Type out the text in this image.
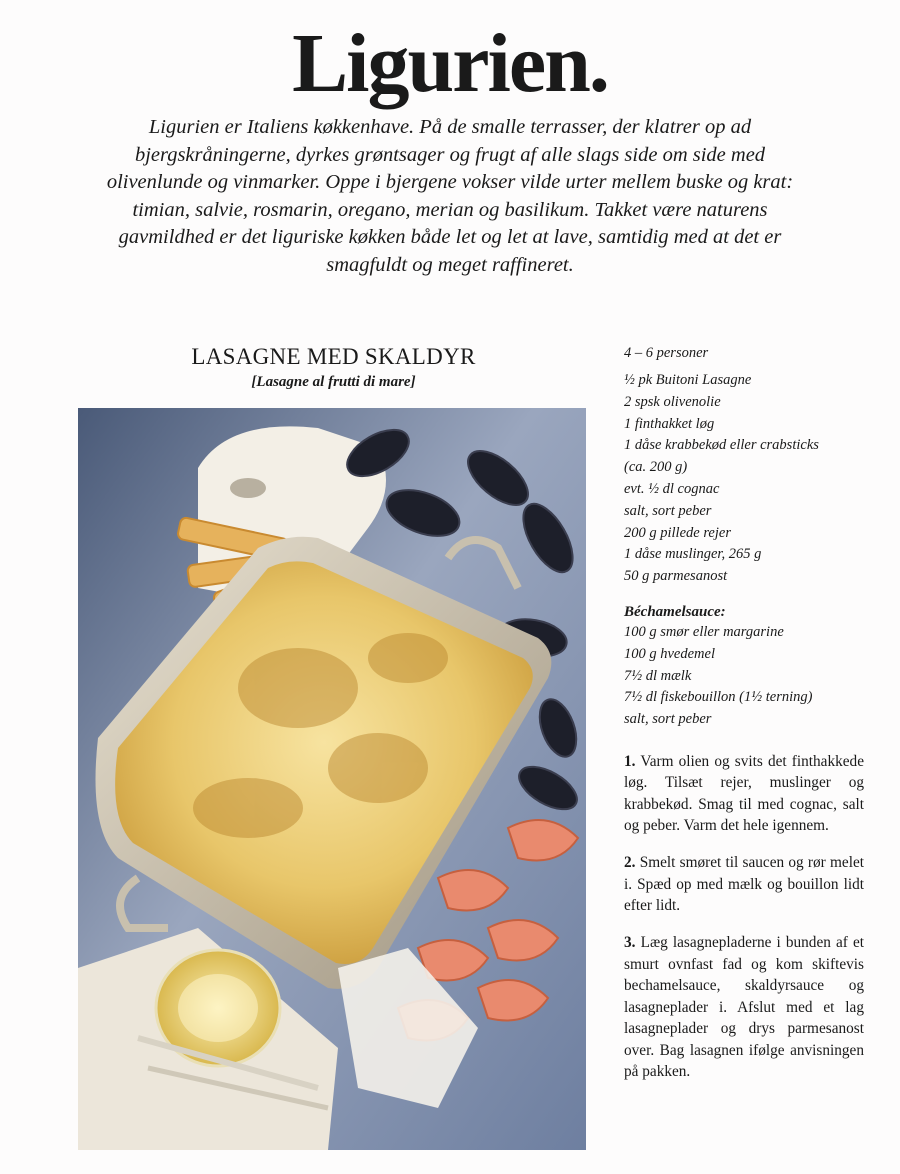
Ligurien.
Ligurien er Italiens køkkenhave. På de smalle terrasser, der klatrer op ad bjergskråningerne, dyrkes grøntsager og frugt af alle slags side om side med olivenlunde og vinmarker. Oppe i bjergene vokser vilde urter mellem buske og krat: timian, salvie, rosmarin, oregano, merian og basilikum. Takket være naturens gavmildhed er det liguriske køkken både let og let at lave, samtidig med at det er smagfuldt og meget raffineret.
LASAGNE MED SKALDYR
[Lasagne al frutti di mare]
4 – 6 personer
½ pk Buitoni Lasagne
2 spsk olivenolie
1 finthakket løg
1 dåse krabbekød eller crabsticks
(ca. 200 g)
evt. ½ dl cognac
salt, sort peber
200 g pillede rejer
1 dåse muslinger, 265 g
50 g parmesanost
Béchamelsauce:
100 g smør eller margarine
100 g hvedemel
7½ dl mælk
7½ dl fiskebouillon (1½ terning)
salt, sort peber

1. Varm olien og svits det finthakkede løg. Tilsæt rejer, muslinger og krabbekød. Smag til med cognac, salt og peber. Varm det hele igennem.

2. Smelt smøret til saucen og rør melet i. Spæd op med mælk og bouillon lidt efter lidt.

3. Læg lasagnepladerne i bunden af et smurt ovnfast fad og kom skiftevis bechamelsauce, skaldyrsauce og lasagneplader i. Afslut med et lag lasagneplader og drys parmesanost over. Bag lasagnen ifølge anvisningen på pakken.
